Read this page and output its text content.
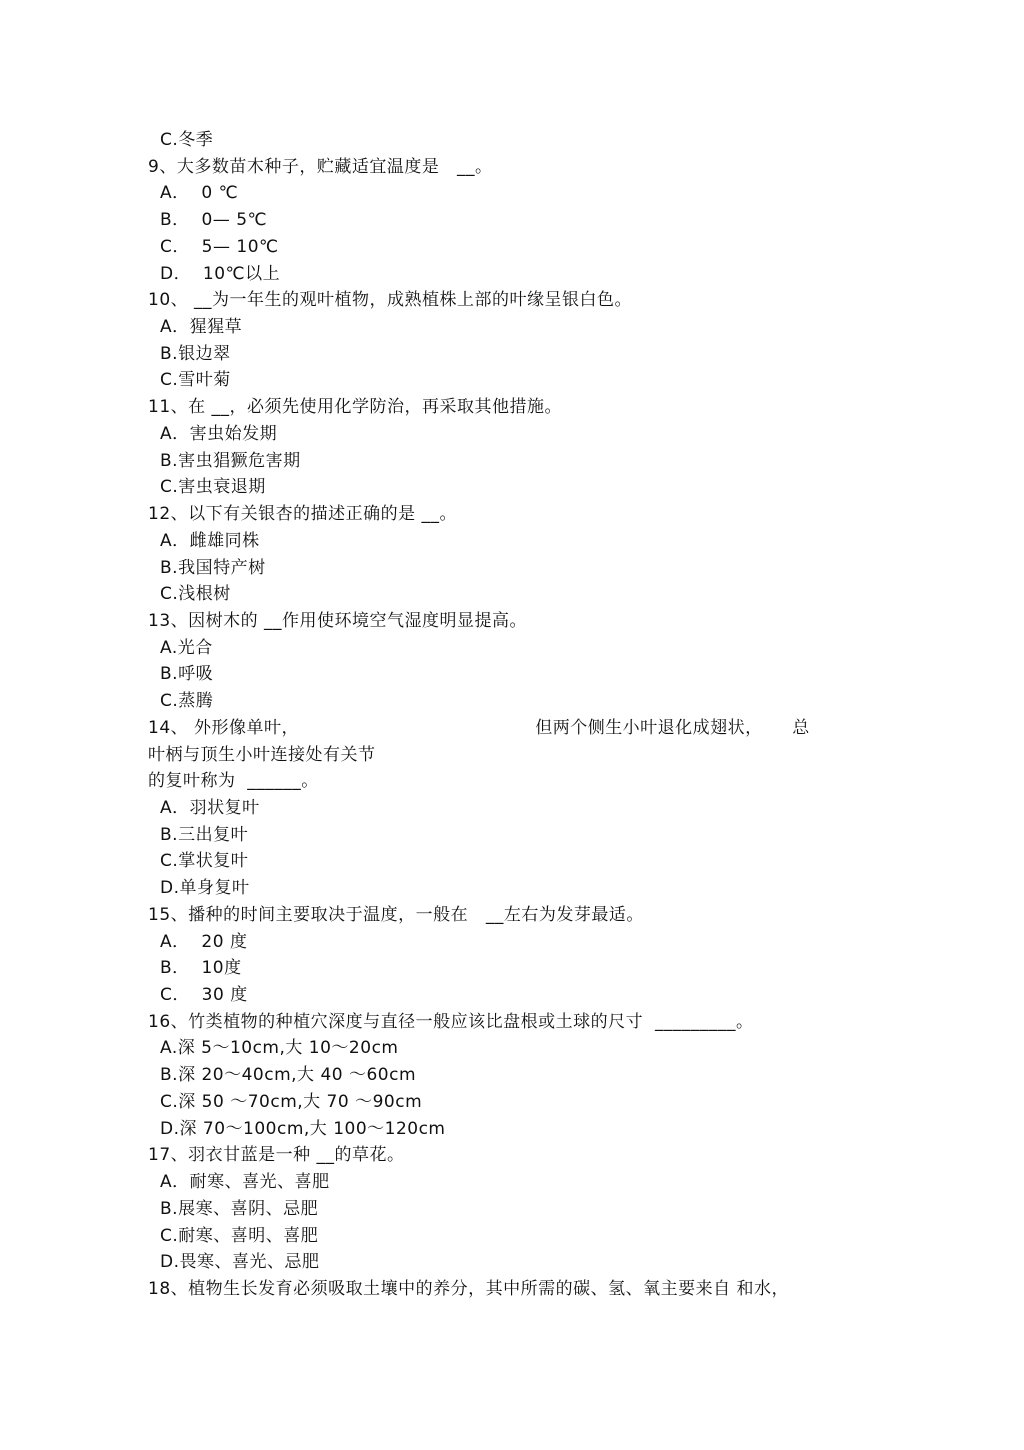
C.冬季
9、大多数苗木种子，贮藏适宜温度是   __。
A．  0 ℃
B．  0— 5℃
C．  5— 10℃
D．  10℃以上
10、 __为一年生的观叶植物，成熟植株上部的叶缘呈银白色。
A．猩猩草
B.银边翠
C.雪叶菊
11、在 __，必须先使用化学防治，再采取其他措施。
A．害虫始发期
B.害虫猖獗危害期
C.害虫衰退期
12、以下有关银杏的描述正确的是 __。
A．雌雄同株
B.我国特产树
C.浅根树
13、因树木的 __作用使环境空气湿度明显提高。
A.光合
B.呼吸
C.蒸腾
14、 外形像单叶，                                        但两个侧生小叶退化成翅状，     总
叶柄与顶生小叶连接处有关节
的复叶称为  ______。
A．羽状复叶
B.三出复叶
C.掌状复叶
D.单身复叶
15、播种的时间主要取决于温度，一般在   __左右为发芽最适。
A．  20 度
B．  10度
C．  30 度
16、竹类植物的种植穴深度与直径一般应该比盘根或土球的尺寸  _________。
A.深 5～10cm,大 10～20cm
B.深 20～40cm,大 40 ～60cm
C.深 50 ～70cm,大 70 ～90cm
D.深 70～100cm,大 100～120cm
17、羽衣甘蓝是一种 __的草花。
A．耐寒、喜光、喜肥
B.展寒、喜阴、忌肥
C.耐寒、喜明、喜肥
D.畏寒、喜光、忌肥
18、植物生长发育必须吸取土壤中的养分，其中所需的碳、氢、氧主要来自 和水，
